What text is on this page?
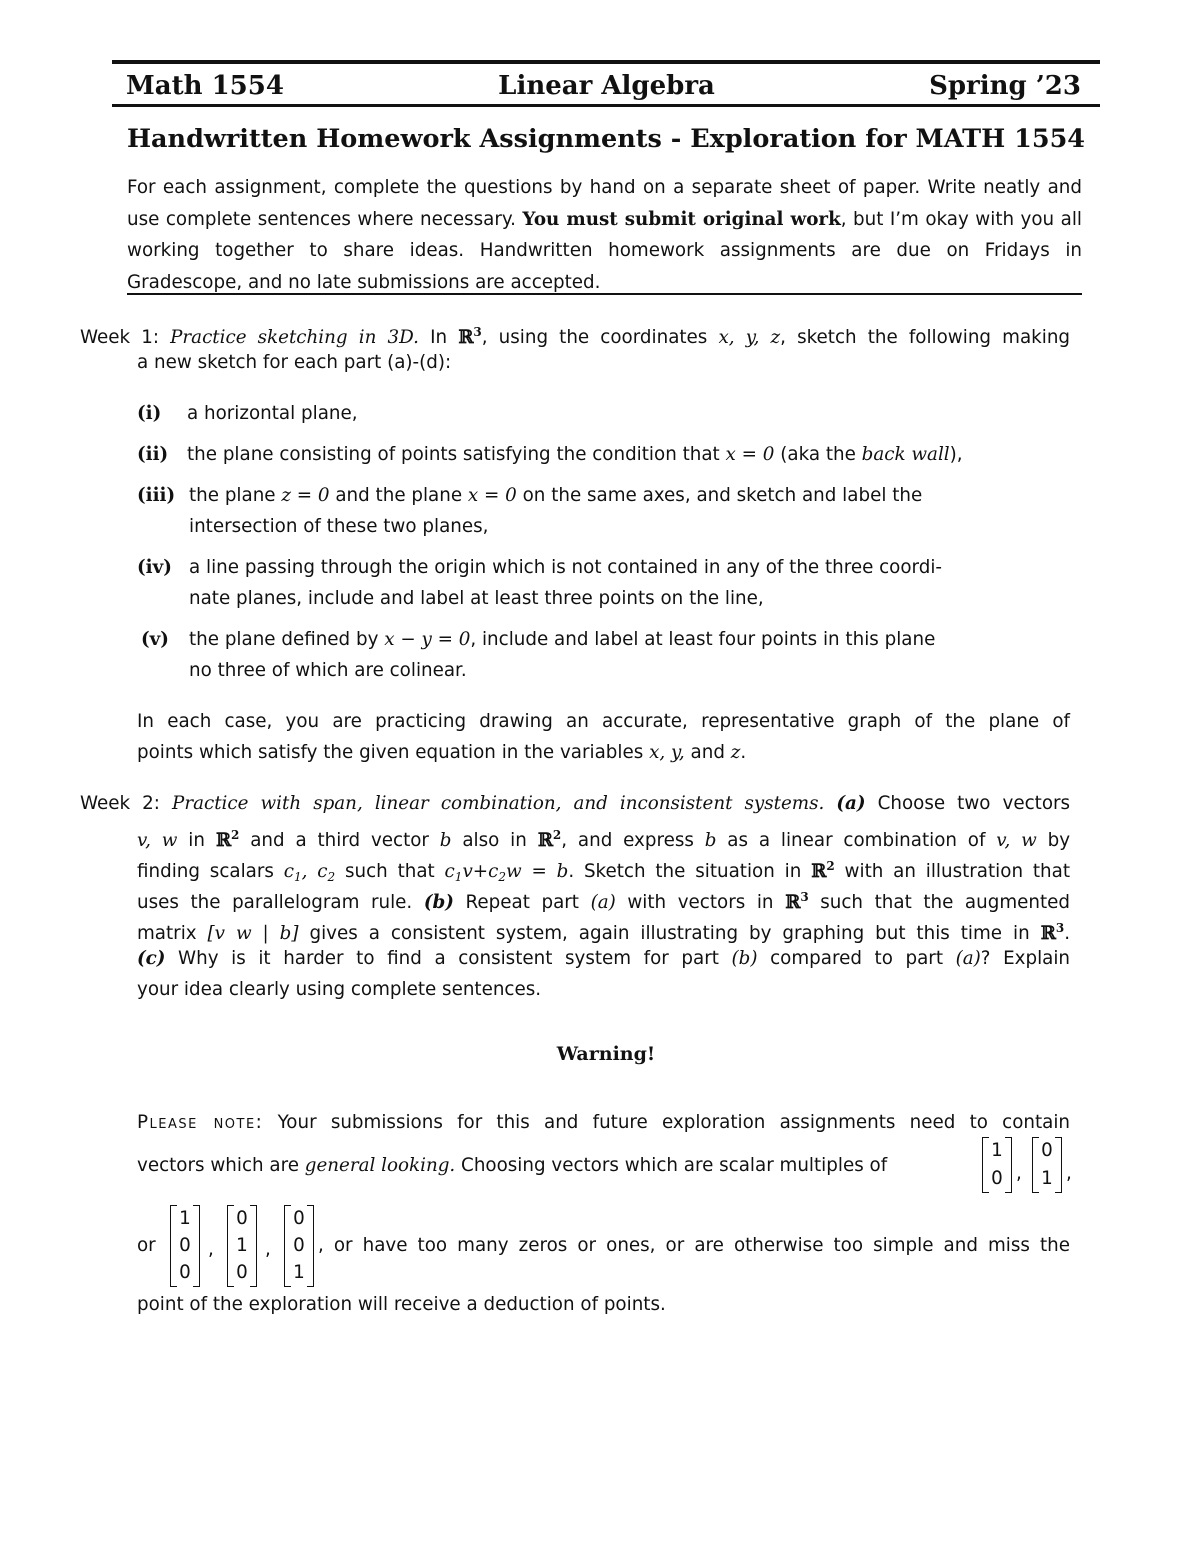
Math 1554	Linear Algebra	Spring ’23
Handwritten Homework Assignments - Exploration for MATH 1554
For each assignment, complete the questions by hand on a separate sheet of paper. Write neatly and use complete sentences where necessary. You must submit original work, but I’m okay with you all working together to share ideas. Handwritten homework assignments are due on Fridays in Gradescope, and no late submissions are accepted.
Week 1: Practice sketching in 3D. In ℝ$^3$, using the coordinates x, y, z, sketch the following making
a new sketch for each part (a)-(d):
(i) a horizontal plane,
(ii) the plane consisting of points satisfying the condition that x = 0 (aka the back wall),
(iii) the plane z = 0 and the plane x = 0 on the same axes, and sketch and label the
intersection of these two planes,
(iv) a line passing through the origin which is not contained in any of the three coordi-
nate planes, include and label at least three points on the line,
(v) the plane defined by x − y = 0, include and label at least four points in this plane
no three of which are colinear.
In each case, you are practicing drawing an accurate, representative graph of the plane of
points which satisfy the given equation in the variables x, y, and z.
Week 2: Practice with span, linear combination, and inconsistent systems. (a) Choose two vectors
v, w in ℝ$^2$ and a third vector b also in ℝ$^2$, and express b as a linear combination of v, w by
finding scalars $c_1$, $c_2$ such that $c_1v+c_2w = b$. Sketch the situation in ℝ$^2$ with an illustration that
uses the parallelogram rule. (b) Repeat part (a) with vectors in ℝ$^3$ such that the augmented
matrix [v w | b] gives a consistent system, again illustrating by graphing but this time in ℝ$^3$.
(c) Why is it harder to find a consistent system for part (b) compared to part (a)? Explain
your idea clearly using complete sentences.
Warning!
Please note: Your submissions for this and future exploration assignments need to contain
vectors which are general looking. Choosing vectors which are scalar multiples of
1
0 ,
0
1 ,
or
1
0
0
,
0
1
0
,
0
0
1
, or have too many zeros or ones, or are otherwise too simple and miss the
point of the exploration will receive a deduction of points.
